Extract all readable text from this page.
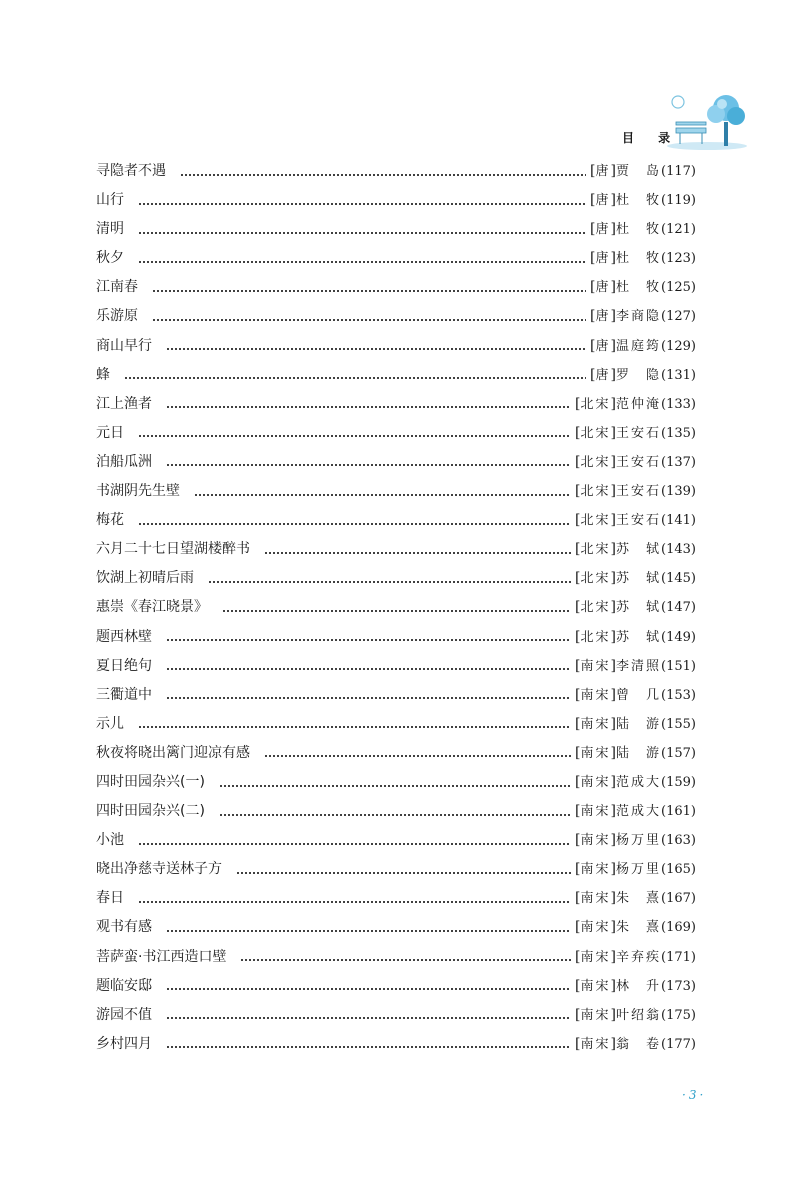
目 录
寻隐者不遇	[ 唐 ] 贾　岛 ( 117 )
山行	[ 唐 ] 杜　牧 ( 119 )
清明	[ 唐 ] 杜　牧 ( 121 )
秋夕	[ 唐 ] 杜　牧 ( 123 )
江南春	[ 唐 ] 杜　牧 ( 125 )
乐游原	[ 唐 ] 李商隐 ( 127 )
商山早行	[ 唐 ] 温庭筠 ( 129 )
蜂	[ 唐 ] 罗　隐 ( 131 )
江上渔者	[ 北宋 ] 范仲淹 ( 133 )
元日	[ 北宋 ] 王安石 ( 135 )
泊船瓜洲	[ 北宋 ] 王安石 ( 137 )
书湖阴先生壁	[ 北宋 ] 王安石 ( 139 )
梅花	[ 北宋 ] 王安石 ( 141 )
六月二十七日望湖楼醉书	[ 北宋 ] 苏　轼 ( 143 )
饮湖上初晴后雨	[ 北宋 ] 苏　轼 ( 145 )
惠崇《春江晓景》	[ 北宋 ] 苏　轼 ( 147 )
题西林壁	[ 北宋 ] 苏　轼 ( 149 )
夏日绝句	[ 南宋 ] 李清照 ( 151 )
三衢道中	[ 南宋 ] 曾　几 ( 153 )
示儿	[ 南宋 ] 陆　游 ( 155 )
秋夜将晓出篱门迎凉有感	[ 南宋 ] 陆　游 ( 157 )
四时田园杂兴(一)	[ 南宋 ] 范成大 ( 159 )
四时田园杂兴(二)	[ 南宋 ] 范成大 ( 161 )
小池	[ 南宋 ] 杨万里 ( 163 )
晓出净慈寺送林子方	[ 南宋 ] 杨万里 ( 165 )
春日	[ 南宋 ] 朱　熹 ( 167 )
观书有感	[ 南宋 ] 朱　熹 ( 169 )
菩萨蛮·书江西造口壁	[ 南宋 ] 辛弃疾 ( 171 )
题临安邸	[ 南宋 ] 林　升 ( 173 )
游园不值	[ 南宋 ] 叶绍翁 ( 175 )
乡村四月	[ 南宋 ] 翁　卷 ( 177 )
·3·
